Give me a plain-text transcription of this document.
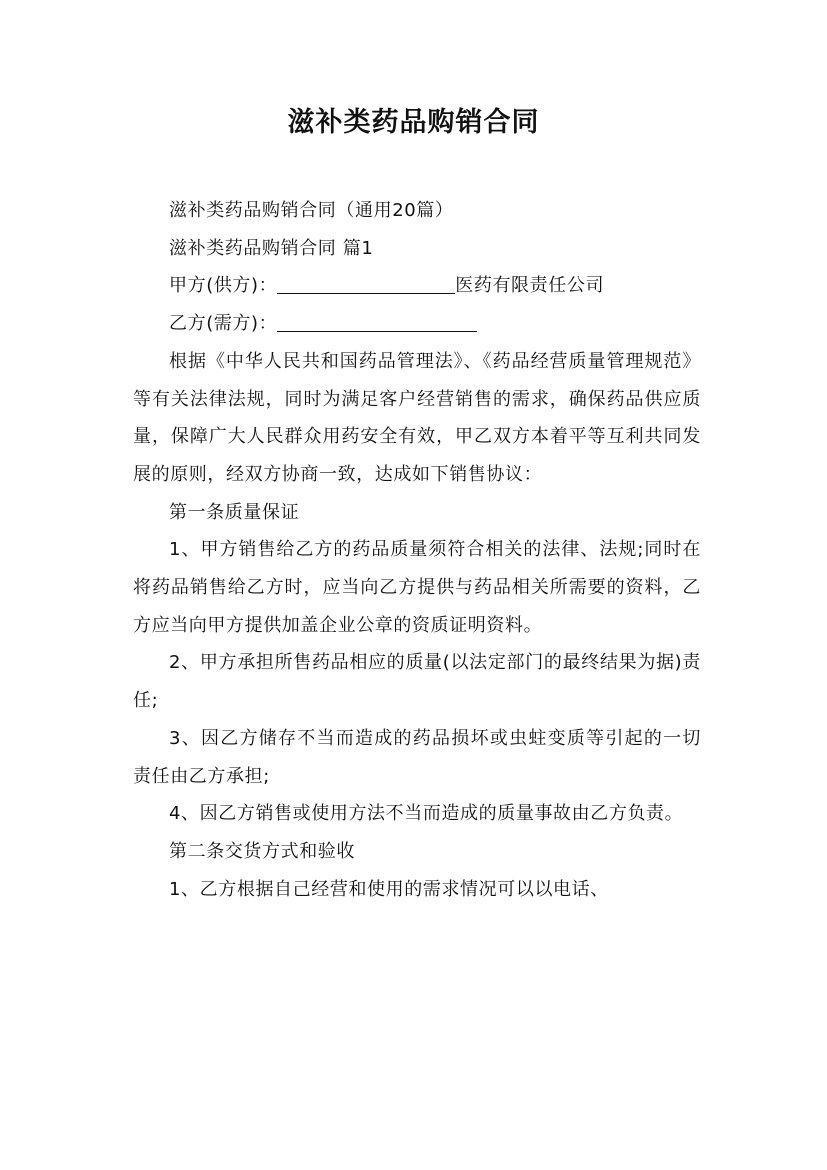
滋补类药品购销合同

滋补类药品购销合同（通用20篇）

滋补类药品购销合同 篇1

甲方(供方)：	医药有限责任公司

乙方(需方)：

根据《中华人民共和国药品管理法》、《药品经营质量管理规范》等有关法律法规，同时为满足客户经营销售的需求，确保药品供应质量，保障广大人民群众用药安全有效，甲乙双方本着平等互利共同发展的原则，经双方协商一致，达成如下销售协议：

第一条质量保证

1、甲方销售给乙方的药品质量须符合相关的法律、法规;同时在将药品销售给乙方时，应当向乙方提供与药品相关所需要的资料，乙方应当向甲方提供加盖企业公章的资质证明资料。

2、甲方承担所售药品相应的质量(以法定部门的最终结果为据)责任;

3、因乙方储存不当而造成的药品损坏或虫蛀变质等引起的一切责任由乙方承担;

4、因乙方销售或使用方法不当而造成的质量事故由乙方负责。

第二条交货方式和验收

1、乙方根据自己经营和使用的需求情况可以以电话、
